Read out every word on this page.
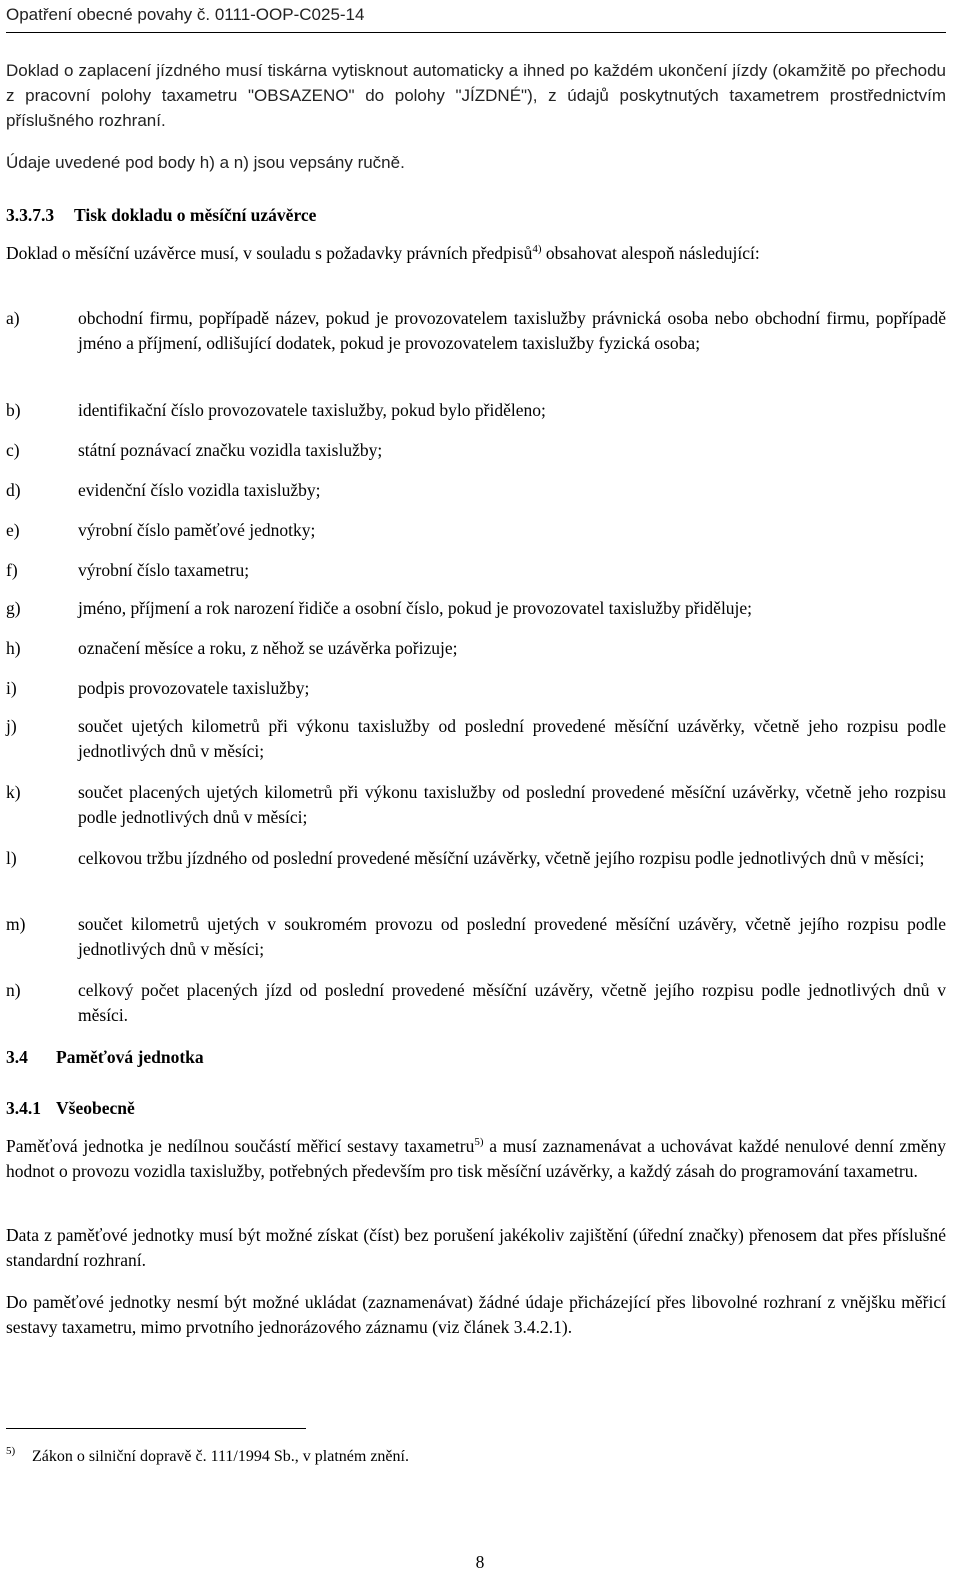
Opatření obecné povahy č. 0111-OOP-C025-14
Doklad o zaplacení jízdného musí tiskárna vytisknout automaticky a ihned po každém ukončení jízdy (okamžitě po přechodu z pracovní polohy taxametru "OBSAZENO" do polohy "JÍZDNÉ"), z údajů poskytnutých taxametrem prostřednictvím příslušného rozhraní.
Údaje uvedené pod body h) a n) jsou vepsány ručně.
3.3.7.3 Tisk dokladu o měsíční uzávěrce
Doklad o měsíční uzávěrce musí, v souladu s požadavky právních předpisů$^{4)}$ obsahovat alespoň následující:
a)	obchodní firmu, popřípadě název, pokud je provozovatelem taxislužby právnická osoba nebo obchodní firmu, popřípadě jméno a příjmení, odlišující dodatek, pokud je provozovatelem taxislužby fyzická osoba;
b)	identifikační číslo provozovatele taxislužby, pokud bylo přiděleno;
c)	státní poznávací značku vozidla taxislužby;
d)	evidenční číslo vozidla taxislužby;
e)	výrobní číslo paměťové jednotky;
f)	výrobní číslo taxametru;
g)	jméno, příjmení a rok narození řidiče a osobní číslo, pokud je provozovatel taxislužby přiděluje;
h)	označení měsíce a roku, z něhož se uzávěrka pořizuje;
i)	podpis provozovatele taxislužby;
j)	součet ujetých kilometrů při výkonu taxislužby od poslední provedené měsíční uzávěrky, včetně jeho rozpisu podle jednotlivých dnů v měsíci;
k)	součet placených ujetých kilometrů při výkonu taxislužby od poslední provedené měsíční uzávěrky, včetně jeho rozpisu podle jednotlivých dnů v měsíci;
l)	celkovou tržbu jízdného od poslední provedené měsíční uzávěrky, včetně jejího rozpisu podle jednotlivých dnů v měsíci;
m)	součet kilometrů ujetých v soukromém provozu od poslední provedené měsíční uzávěry, včetně jejího rozpisu podle jednotlivých dnů v měsíci;
n)	celkový počet placených jízd od poslední provedené měsíční uzávěry, včetně jejího rozpisu podle jednotlivých dnů v měsíci.
3.4 Paměťová jednotka
3.4.1 Všeobecně
Paměťová jednotka je nedílnou součástí měřicí sestavy taxametru$^{5)}$ a musí zaznamenávat a uchovávat každé nenulové denní změny hodnot o provozu vozidla taxislužby, potřebných především pro tisk měsíční uzávěrky, a každý zásah do programování taxametru.
Data z paměťové jednotky musí být možné získat (číst) bez porušení jakékoliv zajištění (úřední značky) přenosem dat přes příslušné standardní rozhraní.
Do paměťové jednotky nesmí být možné ukládat (zaznamenávat) žádné údaje přicházející přes libovolné rozhraní z vnějšku měřicí sestavy taxametru, mimo prvotního jednorázového záznamu (viz článek 3.4.2.1).
5) Zákon o silniční dopravě č. 111/1994 Sb., v platném znění.
8
